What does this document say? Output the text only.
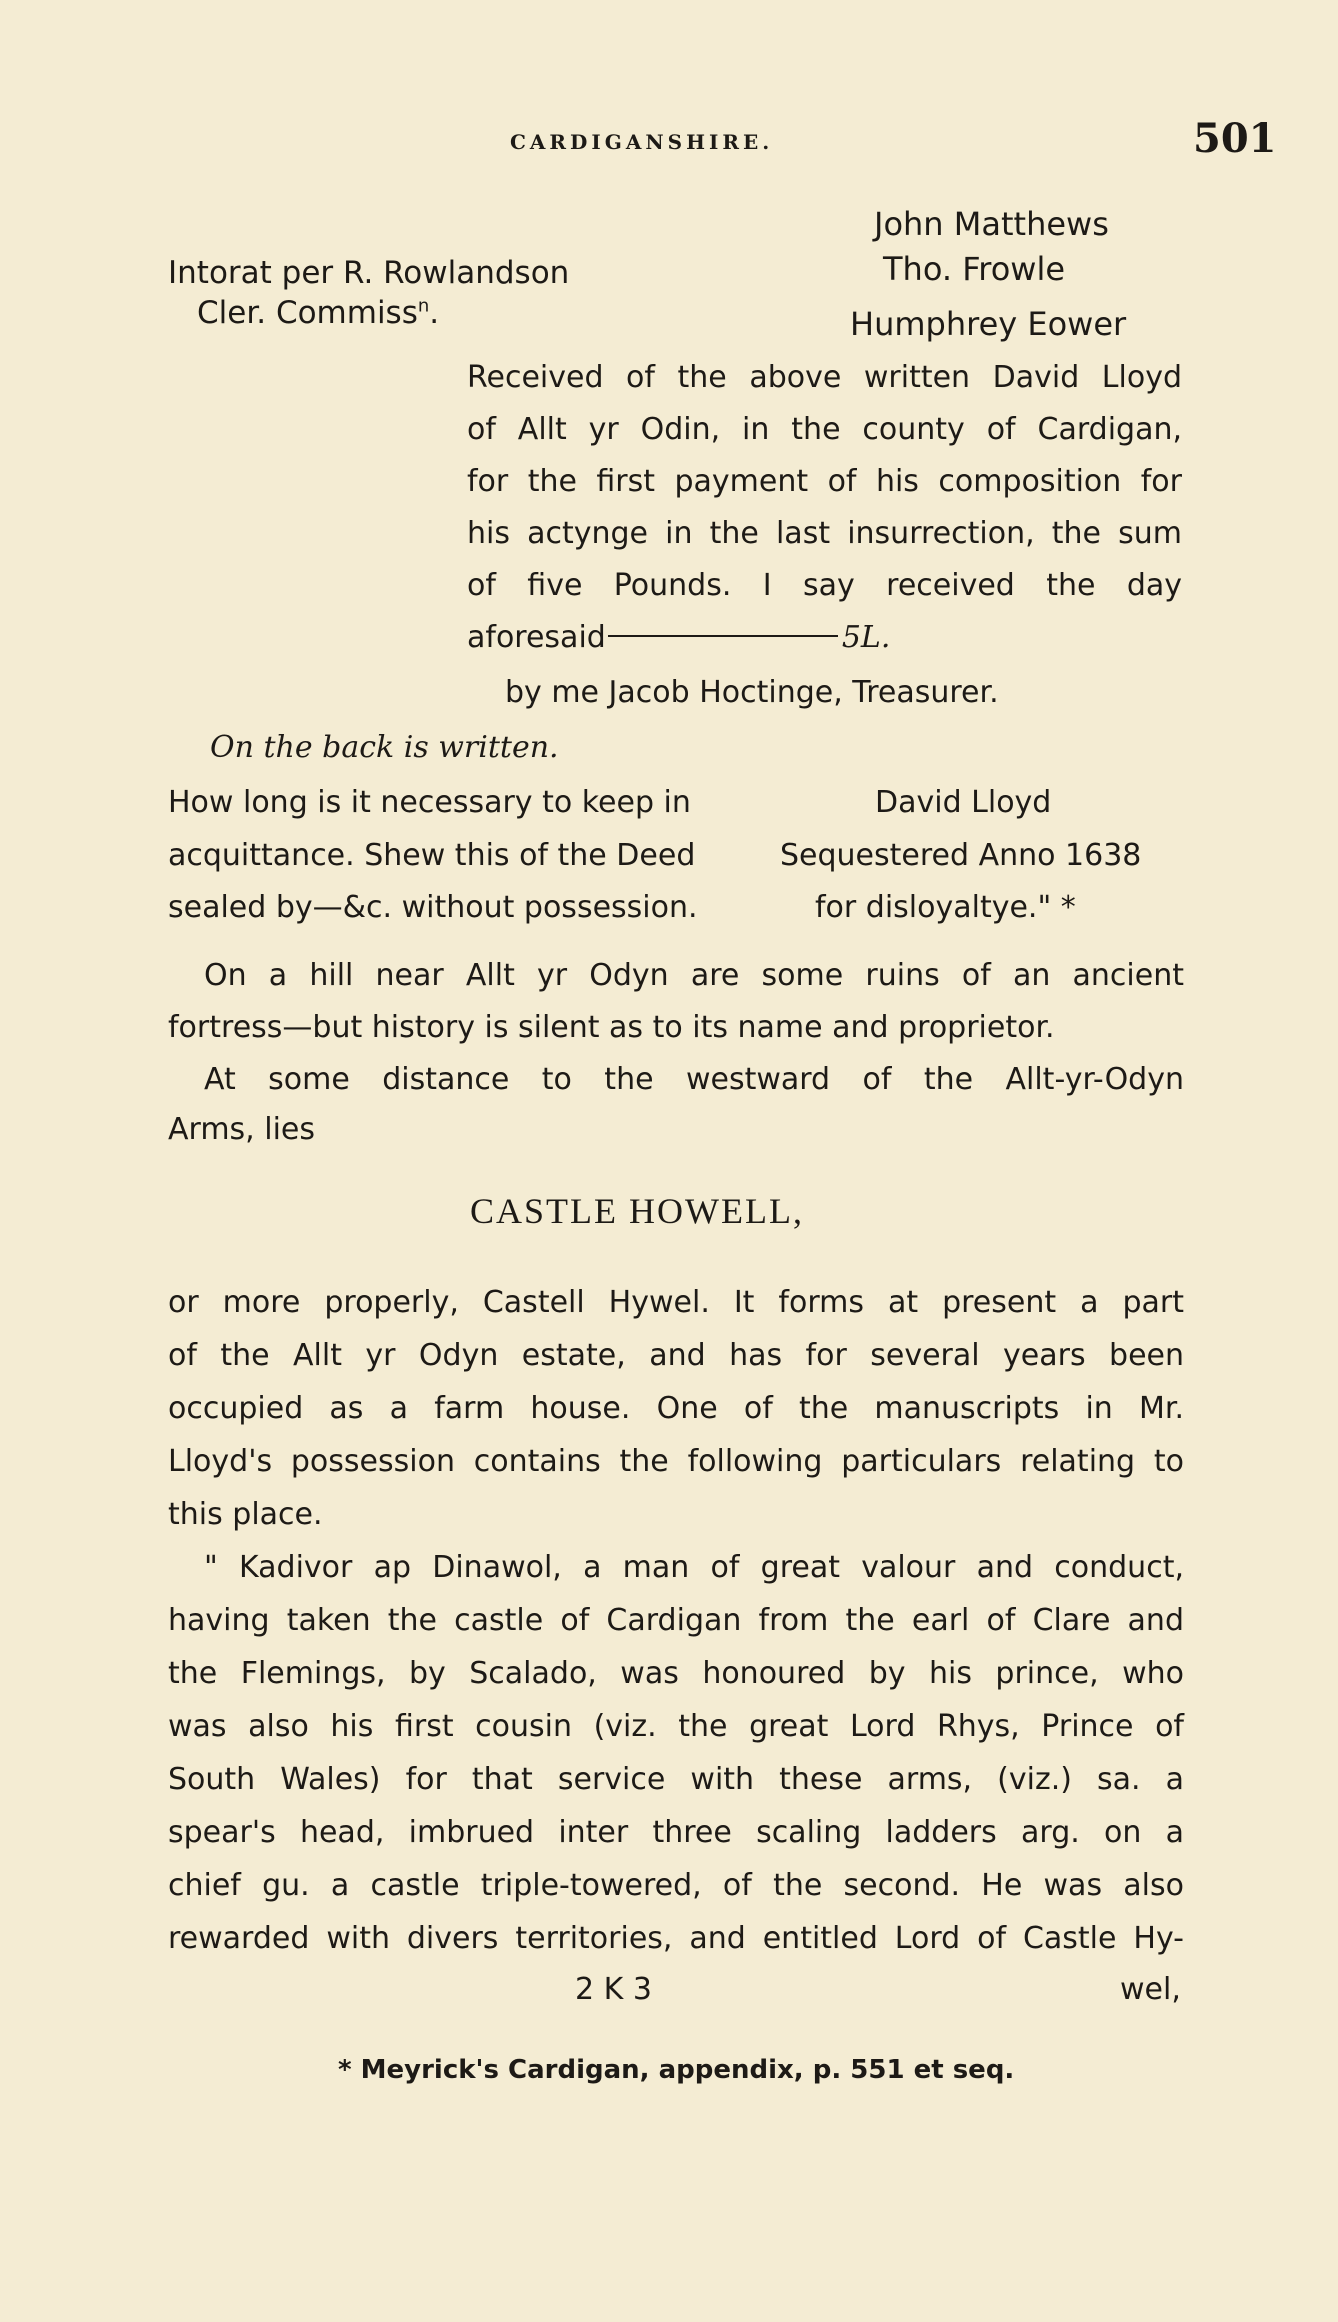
CARDIGANSHIRE.	501
Intorat per R. Rowlandson
Cler. Commiss$^n$.
John Matthews
Tho. Frowle
Humphrey Eower
Received of the above written David Lloyd
of Allt yr Odin, in the county of Cardigan,
for the first payment of his composition for
his actynge in the last insurrection, the sum
of five Pounds. I say received the day
aforesaid	5L.
by me Jacob Hoctinge, Treasurer.
On the back is written.
How long is it necessary to keep in
acquittance. Shew this of the Deed
sealed by—&c. without possession.
David Lloyd
Sequestered Anno 1638
for disloyaltye." *
On a hill near Allt yr Odyn are some ruins of an ancient
fortress—but history is silent as to its name and proprietor.
At some distance to the westward of the Allt-yr-Odyn
Arms, lies
CASTLE HOWELL,
or more properly, Castell Hywel. It forms at present a part
of the Allt yr Odyn estate, and has for several years been
occupied as a farm house. One of the manuscripts in Mr.
Lloyd's possession contains the following particulars relating to
this place.
" Kadivor ap Dinawol, a man of great valour and conduct,
having taken the castle of Cardigan from the earl of Clare and
the Flemings, by Scalado, was honoured by his prince, who
was also his first cousin (viz. the great Lord Rhys, Prince of
South Wales) for that service with these arms, (viz.) sa. a
spear's head, imbrued inter three scaling ladders arg. on a
chief gu. a castle triple-towered, of the second. He was also
rewarded with divers territories, and entitled Lord of Castle Hy-
2 K 3	wel,
* Meyrick's Cardigan, appendix, p. 551 et seq.
